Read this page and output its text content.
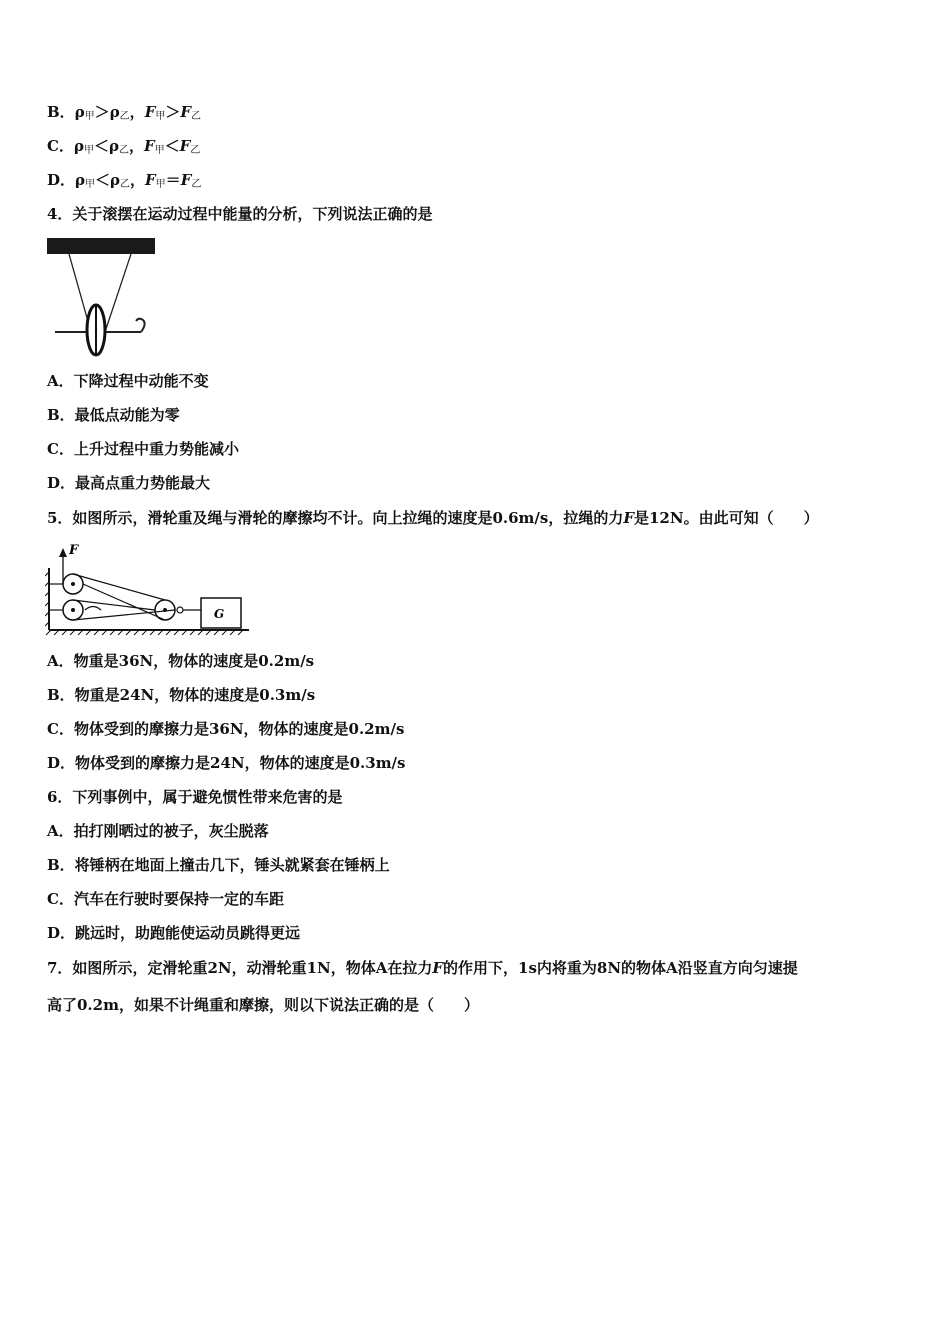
B．$\rho_甲>\rho_乙$，$F_甲>F_乙$
C．$\rho_甲<\rho_乙$，$F_甲<F_乙$
D．$\rho_甲<\rho_乙$，$F_甲=F_乙$
4．关于滚摆在运动过程中能量的分析，下列说法正确的是
A．下降过程中动能不变
B．最低点动能为零
C．上升过程中重力势能减小
D．最高点重力势能最大
5．如图所示，滑轮重及绳与滑轮的摩擦均不计。向上拉绳的速度是0.6m/s，拉绳的力F是12N。由此可知（　　）
F
G
A．物重是36N，物体的速度是0.2m/s
B．物重是24N，物体的速度是0.3m/s
C．物体受到的摩擦力是36N，物体的速度是0.2m/s
D．物体受到的摩擦力是24N，物体的速度是0.3m/s
6．下列事例中，属于避免惯性带来危害的是
A．拍打刚晒过的被子，灰尘脱落
B．将锤柄在地面上撞击几下，锤头就紧套在锤柄上
C．汽车在行驶时要保持一定的车距
D．跳远时，助跑能使运动员跳得更远
7．如图所示，定滑轮重2N，动滑轮重1N，物体A在拉力F的作用下，1s内将重为8N的物体A沿竖直方向匀速提
高了0.2m，如果不计绳重和摩擦，则以下说法正确的是（　　）
